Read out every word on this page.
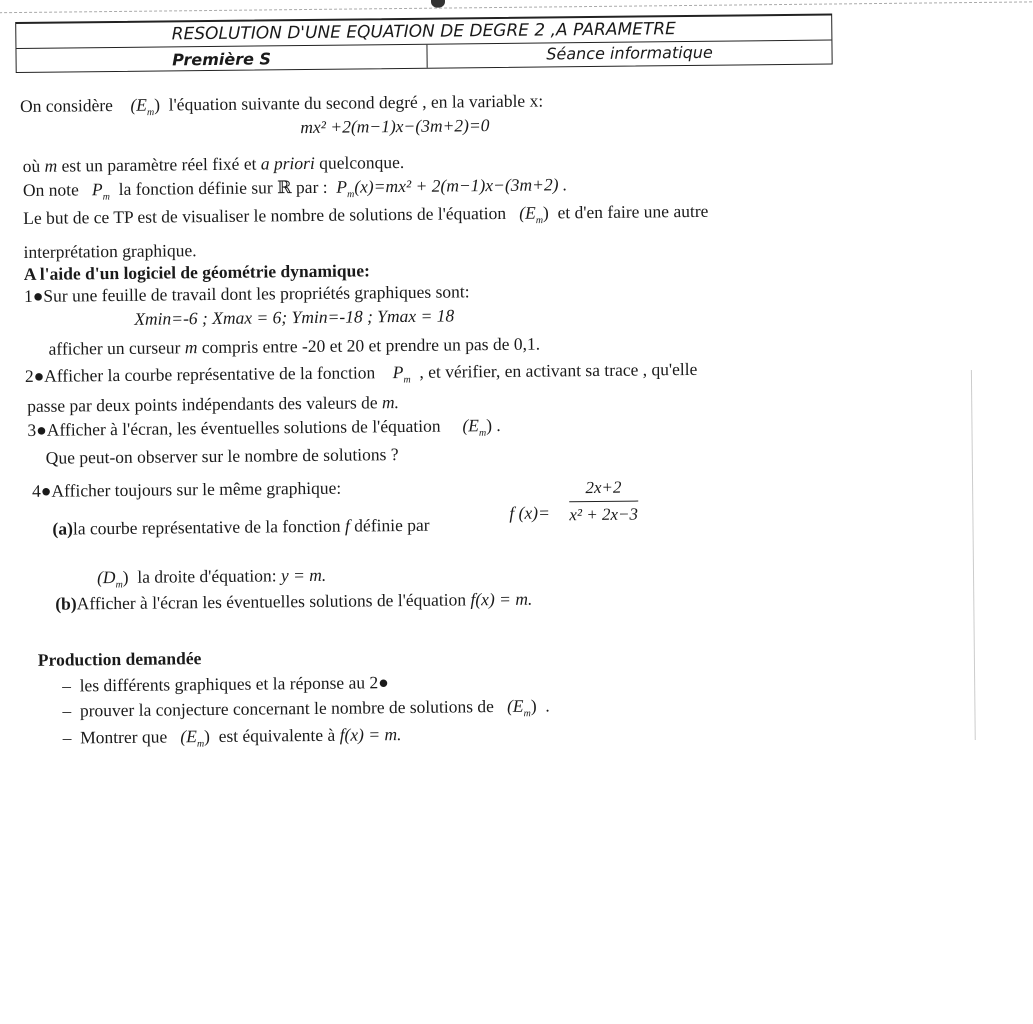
RESOLUTION D'UNE EQUATION DE DEGRE 2 ,A PARAMETRE
Première S	Séance informatique
On considère $(E_m)$ l'équation suivante du second degré , en la variable x:
mx² +2(m−1)x−(3m+2)=0
où m est un paramètre réel fixé et a priori quelconque.
On note $P_m$ la fonction définie sur ℝ par : $P_m(x)=mx^2 + 2(m-1)x-(3m+2)$ .
Le but de ce TP est de visualiser le nombre de solutions de l'équation $(E_m)$ et d'en faire une autre
interprétation graphique.
A l'aide d'un logiciel de géométrie dynamique:
1●Sur une feuille de travail dont les propriétés graphiques sont:
Xmin=-6 ; Xmax = 6; Ymin=-18 ; Ymax = 18
afficher un curseur m compris entre -20 et 20 et prendre un pas de 0,1.
2●Afficher la courbe représentative de la fonction $P_m$ , et vérifier, en activant sa trace , qu'elle
passe par deux points indépendants des valeurs de m.
3●Afficher à l'écran, les éventuelles solutions de l'équation $(E_m)$ .
Que peut-on observer sur le nombre de solutions ?
4●Afficher toujours sur le même graphique:
(a)la courbe représentative de la fonction f définie par
f $(x)= \frac{2x+2}{\text{x² + 2x−3}}$
$(D_m)$ la droite d'équation: y = m.
(b)Afficher à l'écran les éventuelles solutions de l'équation f(x) = m.
Production demandée
– les différents graphiques et la réponse au 2●
– prouver la conjecture concernant le nombre de solutions de $(E_m)$ .
– Montrer que $(E_m)$ est équivalente à f(x) = m.
